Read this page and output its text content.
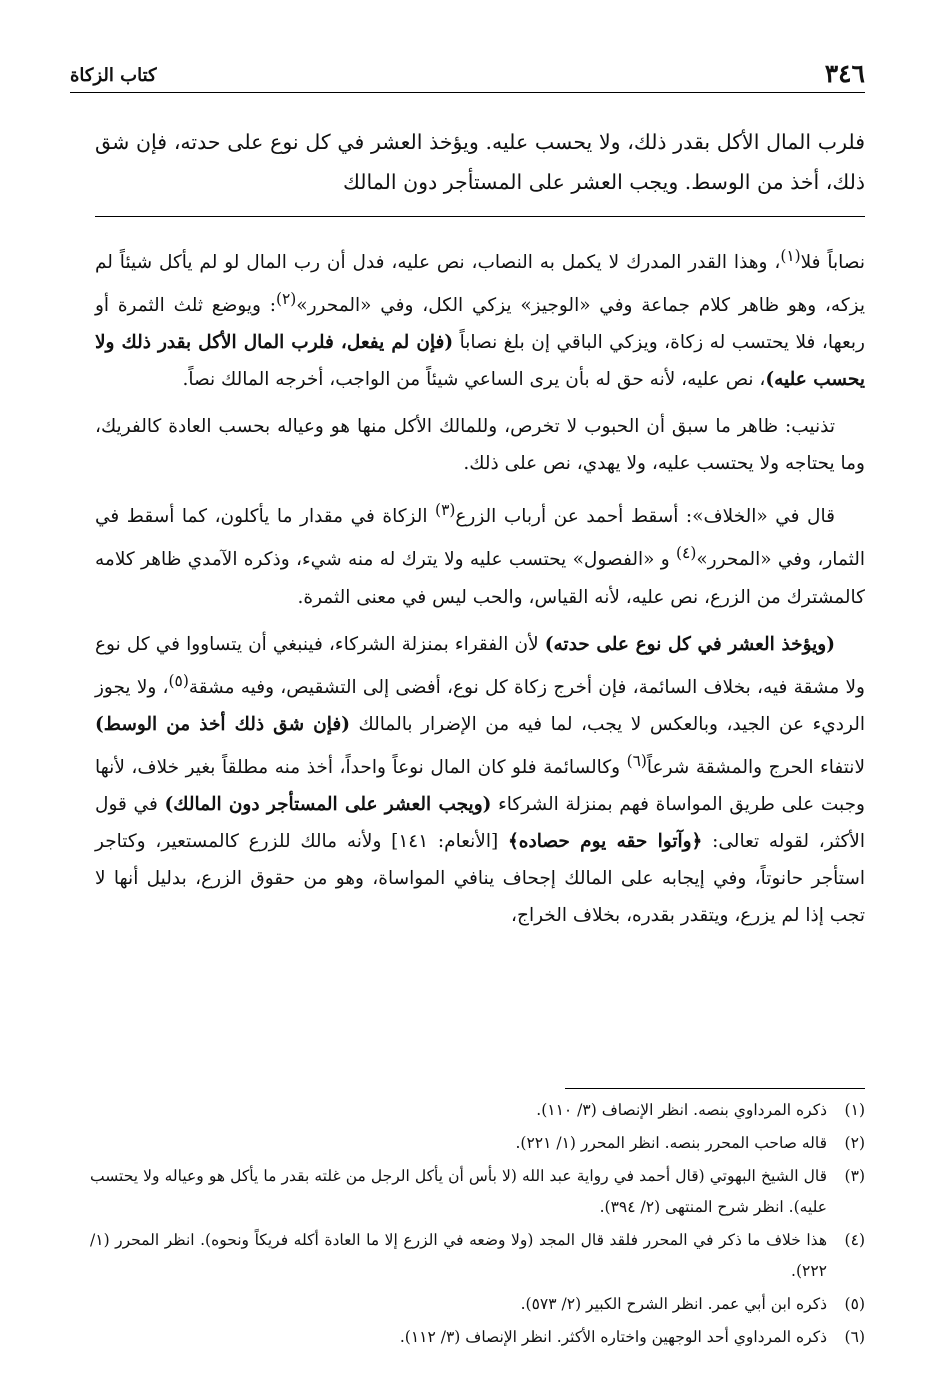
٣٤٦
كتاب الزكاة
فلرب المال الأكل بقدر ذلك، ولا يحسب عليه. ويؤخذ العشر في كل نوع على حدته، فإن شق ذلك، أخذ من الوسط. ويجب العشر على المستأجر دون المالك

نصاباً فلا$^{(١)}$، وهذا القدر المدرك لا يكمل به النصاب، نص عليه، فدل أن رب المال لو لم يأكل شيئاً لم يزكه، وهو ظاهر كلام جماعة وفي «الوجيز» يزكي الكل، وفي «المحرر»$^{(٢)}$: ويوضع ثلث الثمرة أو ربعها، فلا يحتسب له زكاة، ويزكي الباقي إن بلغ نصاباً (فإن لم يفعل، فلرب المال الأكل بقدر ذلك ولا يحسب عليه)، نص عليه، لأنه حق له بأن يرى الساعي شيئاً من الواجب، أخرجه المالك نصاً.

تذنيب: ظاهر ما سبق أن الحبوب لا تخرص، وللمالك الأكل منها هو وعياله بحسب العادة كالفريك، وما يحتاجه ولا يحتسب عليه، ولا يهدي، نص على ذلك.

قال في «الخلاف»: أسقط أحمد عن أرباب الزرع$^{(٣)}$ الزكاة في مقدار ما يأكلون، كما أسقط في الثمار، وفي «المحرر»$^{(٤)}$ و «الفصول» يحتسب عليه ولا يترك له منه شيء، وذكره الآمدي ظاهر كلامه كالمشترك من الزرع، نص عليه، لأنه القياس، والحب ليس في معنى الثمرة.

(ويؤخذ العشر في كل نوع على حدته) لأن الفقراء بمنزلة الشركاء، فينبغي أن يتساووا في كل نوع ولا مشقة فيه، بخلاف السائمة، فإن أخرج زكاة كل نوع، أفضى إلى التشقيص، وفيه مشقة$^{(٥)}$، ولا يجوز الرديء عن الجيد، وبالعكس لا يجب، لما فيه من الإضرار بالمالك (فإن شق ذلك أخذ من الوسط) لانتفاء الحرج والمشقة شرعاً$^{(٦)}$ وكالسائمة فلو كان المال نوعاً واحداً، أخذ منه مطلقاً بغير خلاف، لأنها وجبت على طريق المواساة فهم بمنزلة الشركاء (ويجب العشر على المستأجر دون المالك) في قول الأكثر، لقوله تعالى: ﴿وآتوا حقه يوم حصاده﴾ [الأنعام: ١٤١] ولأنه مالك للزرع كالمستعير، وكتاجر استأجر حانوتاً، وفي إيجابه على المالك إجحاف ينافي المواساة، وهو من حقوق الزرع، بدليل أنها لا تجب إذا لم يزرع، ويتقدر بقدره، بخلاف الخراج،

(١)
ذكره المرداوي بنصه. انظر الإنصاف (٣/ ١١٠).
(٢)
قاله صاحب المحرر بنصه. انظر المحرر (١/ ٢٢١).
(٣)
قال الشيخ البهوتي (قال أحمد في رواية عبد الله (لا بأس أن يأكل الرجل من غلته بقدر ما يأكل هو وعياله ولا يحتسب عليه). انظر شرح المنتهى (٢/ ٣٩٤).
(٤)
هذا خلاف ما ذكر في المحرر فلقد قال المجد (ولا وضعه في الزرع إلا ما العادة أكله فريكاً ونحوه). انظر المحرر (١/ ٢٢٢).
(٥)
ذكره ابن أبي عمر. انظر الشرح الكبير (٢/ ٥٧٣).
(٦)
ذكره المرداوي أحد الوجهين واختاره الأكثر. انظر الإنصاف (٣/ ١١٢).
